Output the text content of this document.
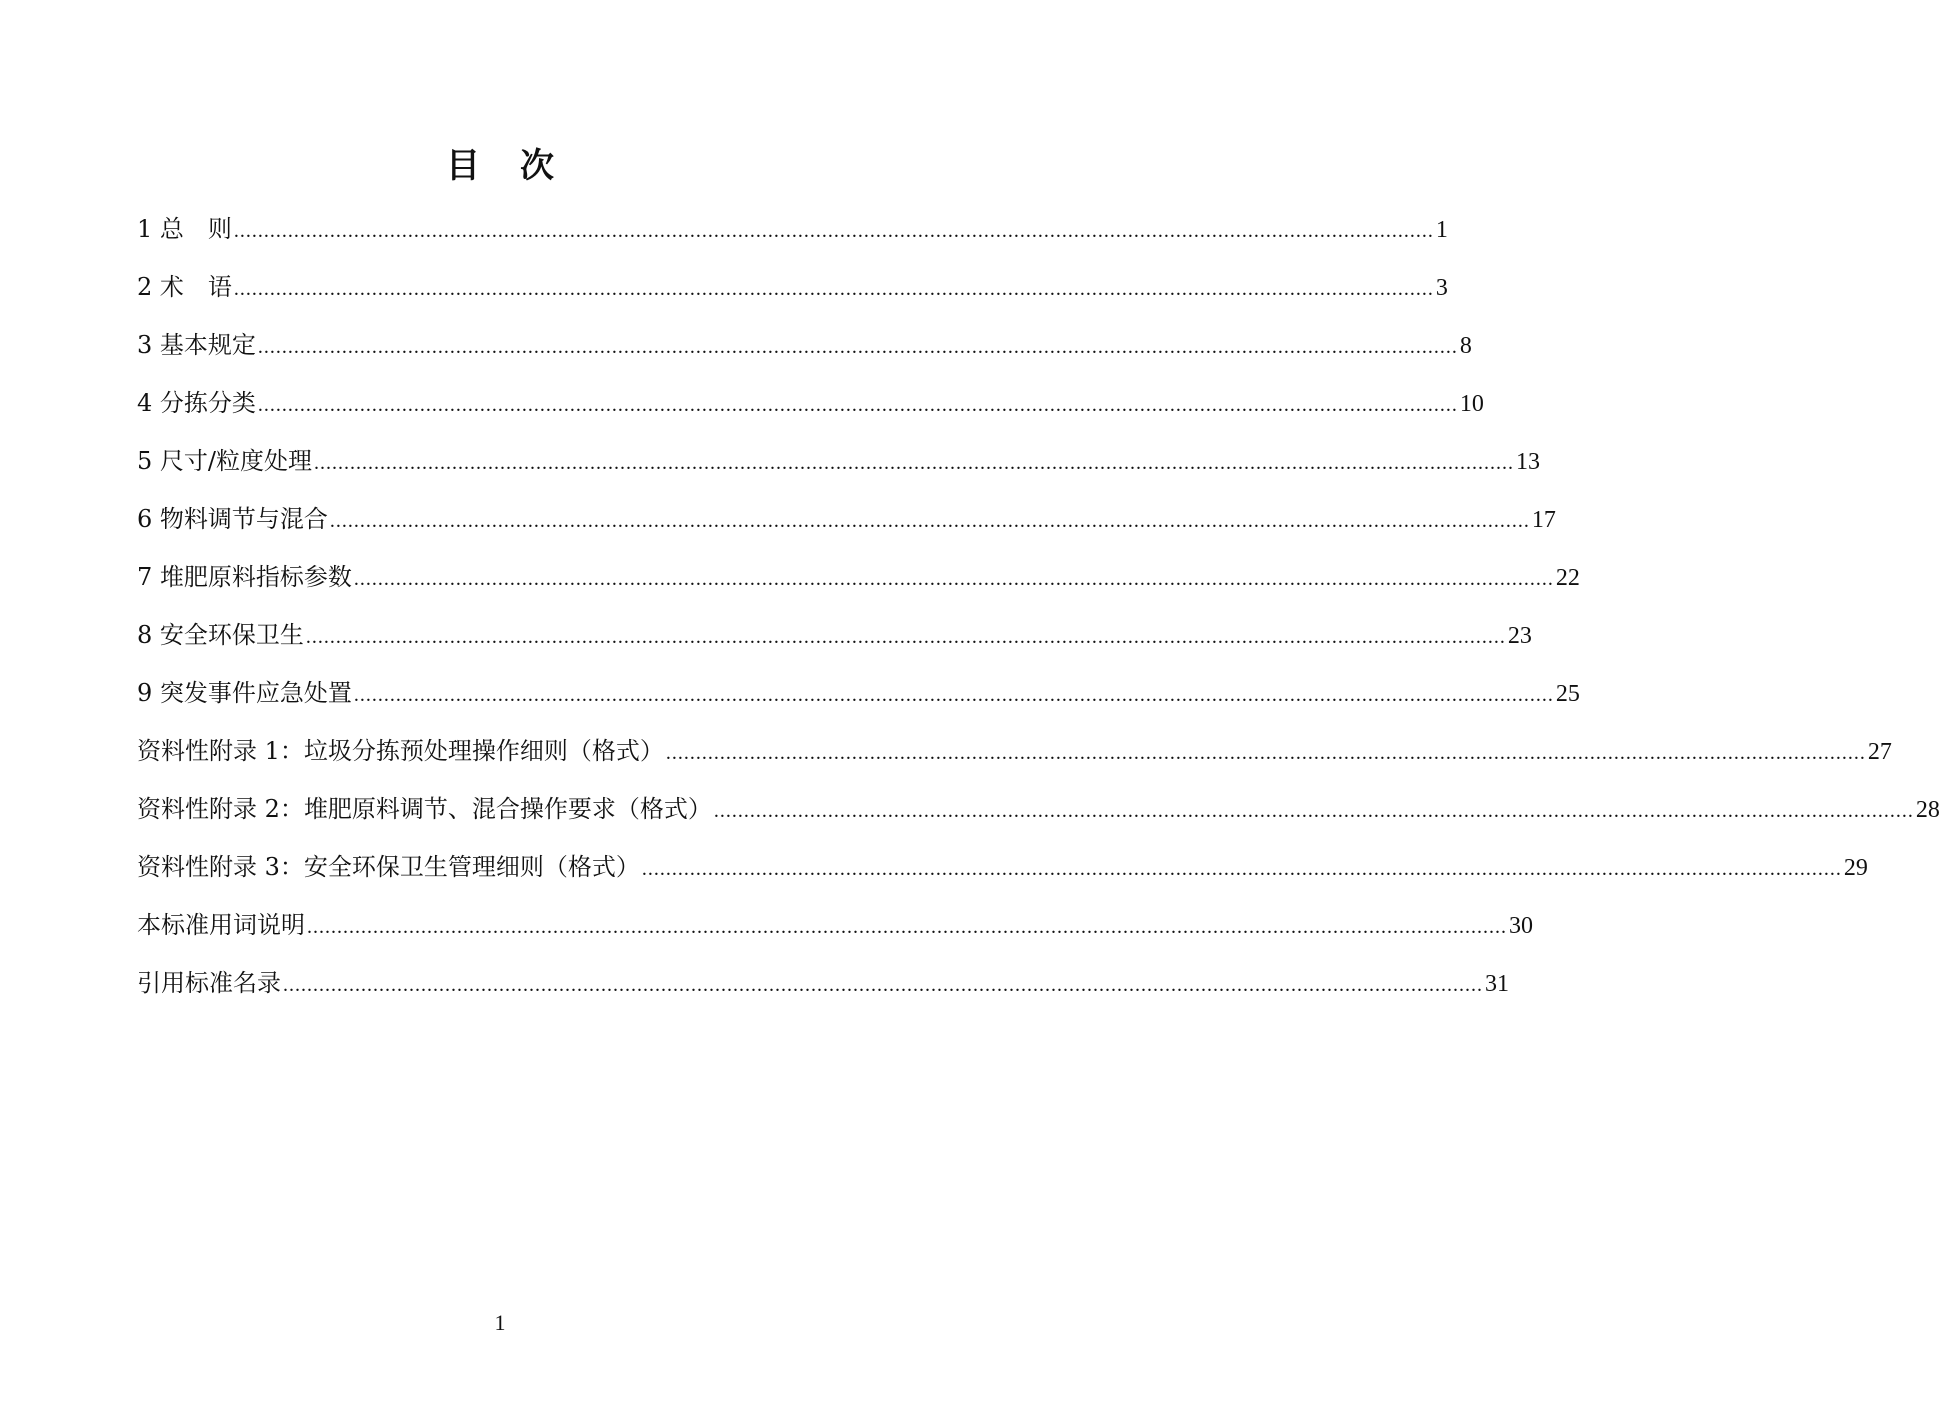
目 次
1 总　则 ........................................................................................................................................................................................................ 1
2 术　语 ........................................................................................................................................................................................................ 3
3 基本规定 ........................................................................................................................................................................................................ 8
4 分拣分类 ........................................................................................................................................................................................................ 10
5 尺寸/粒度处理 ........................................................................................................................................................................................................ 13
6 物料调节与混合 ........................................................................................................................................................................................................ 17
7 堆肥原料指标参数 ........................................................................................................................................................................................................ 22
8 安全环保卫生 ........................................................................................................................................................................................................ 23
9 突发事件应急处置 ........................................................................................................................................................................................................ 25
资料性附录 1：垃圾分拣预处理操作细则（格式） ........................................................................................................................................................................................................ 27
资料性附录 2：堆肥原料调节、混合操作要求（格式） ........................................................................................................................................................................................................ 28
资料性附录 3：安全环保卫生管理细则（格式） ........................................................................................................................................................................................................ 29
本标准用词说明 ........................................................................................................................................................................................................ 30
引用标准名录 ........................................................................................................................................................................................................ 31
1
